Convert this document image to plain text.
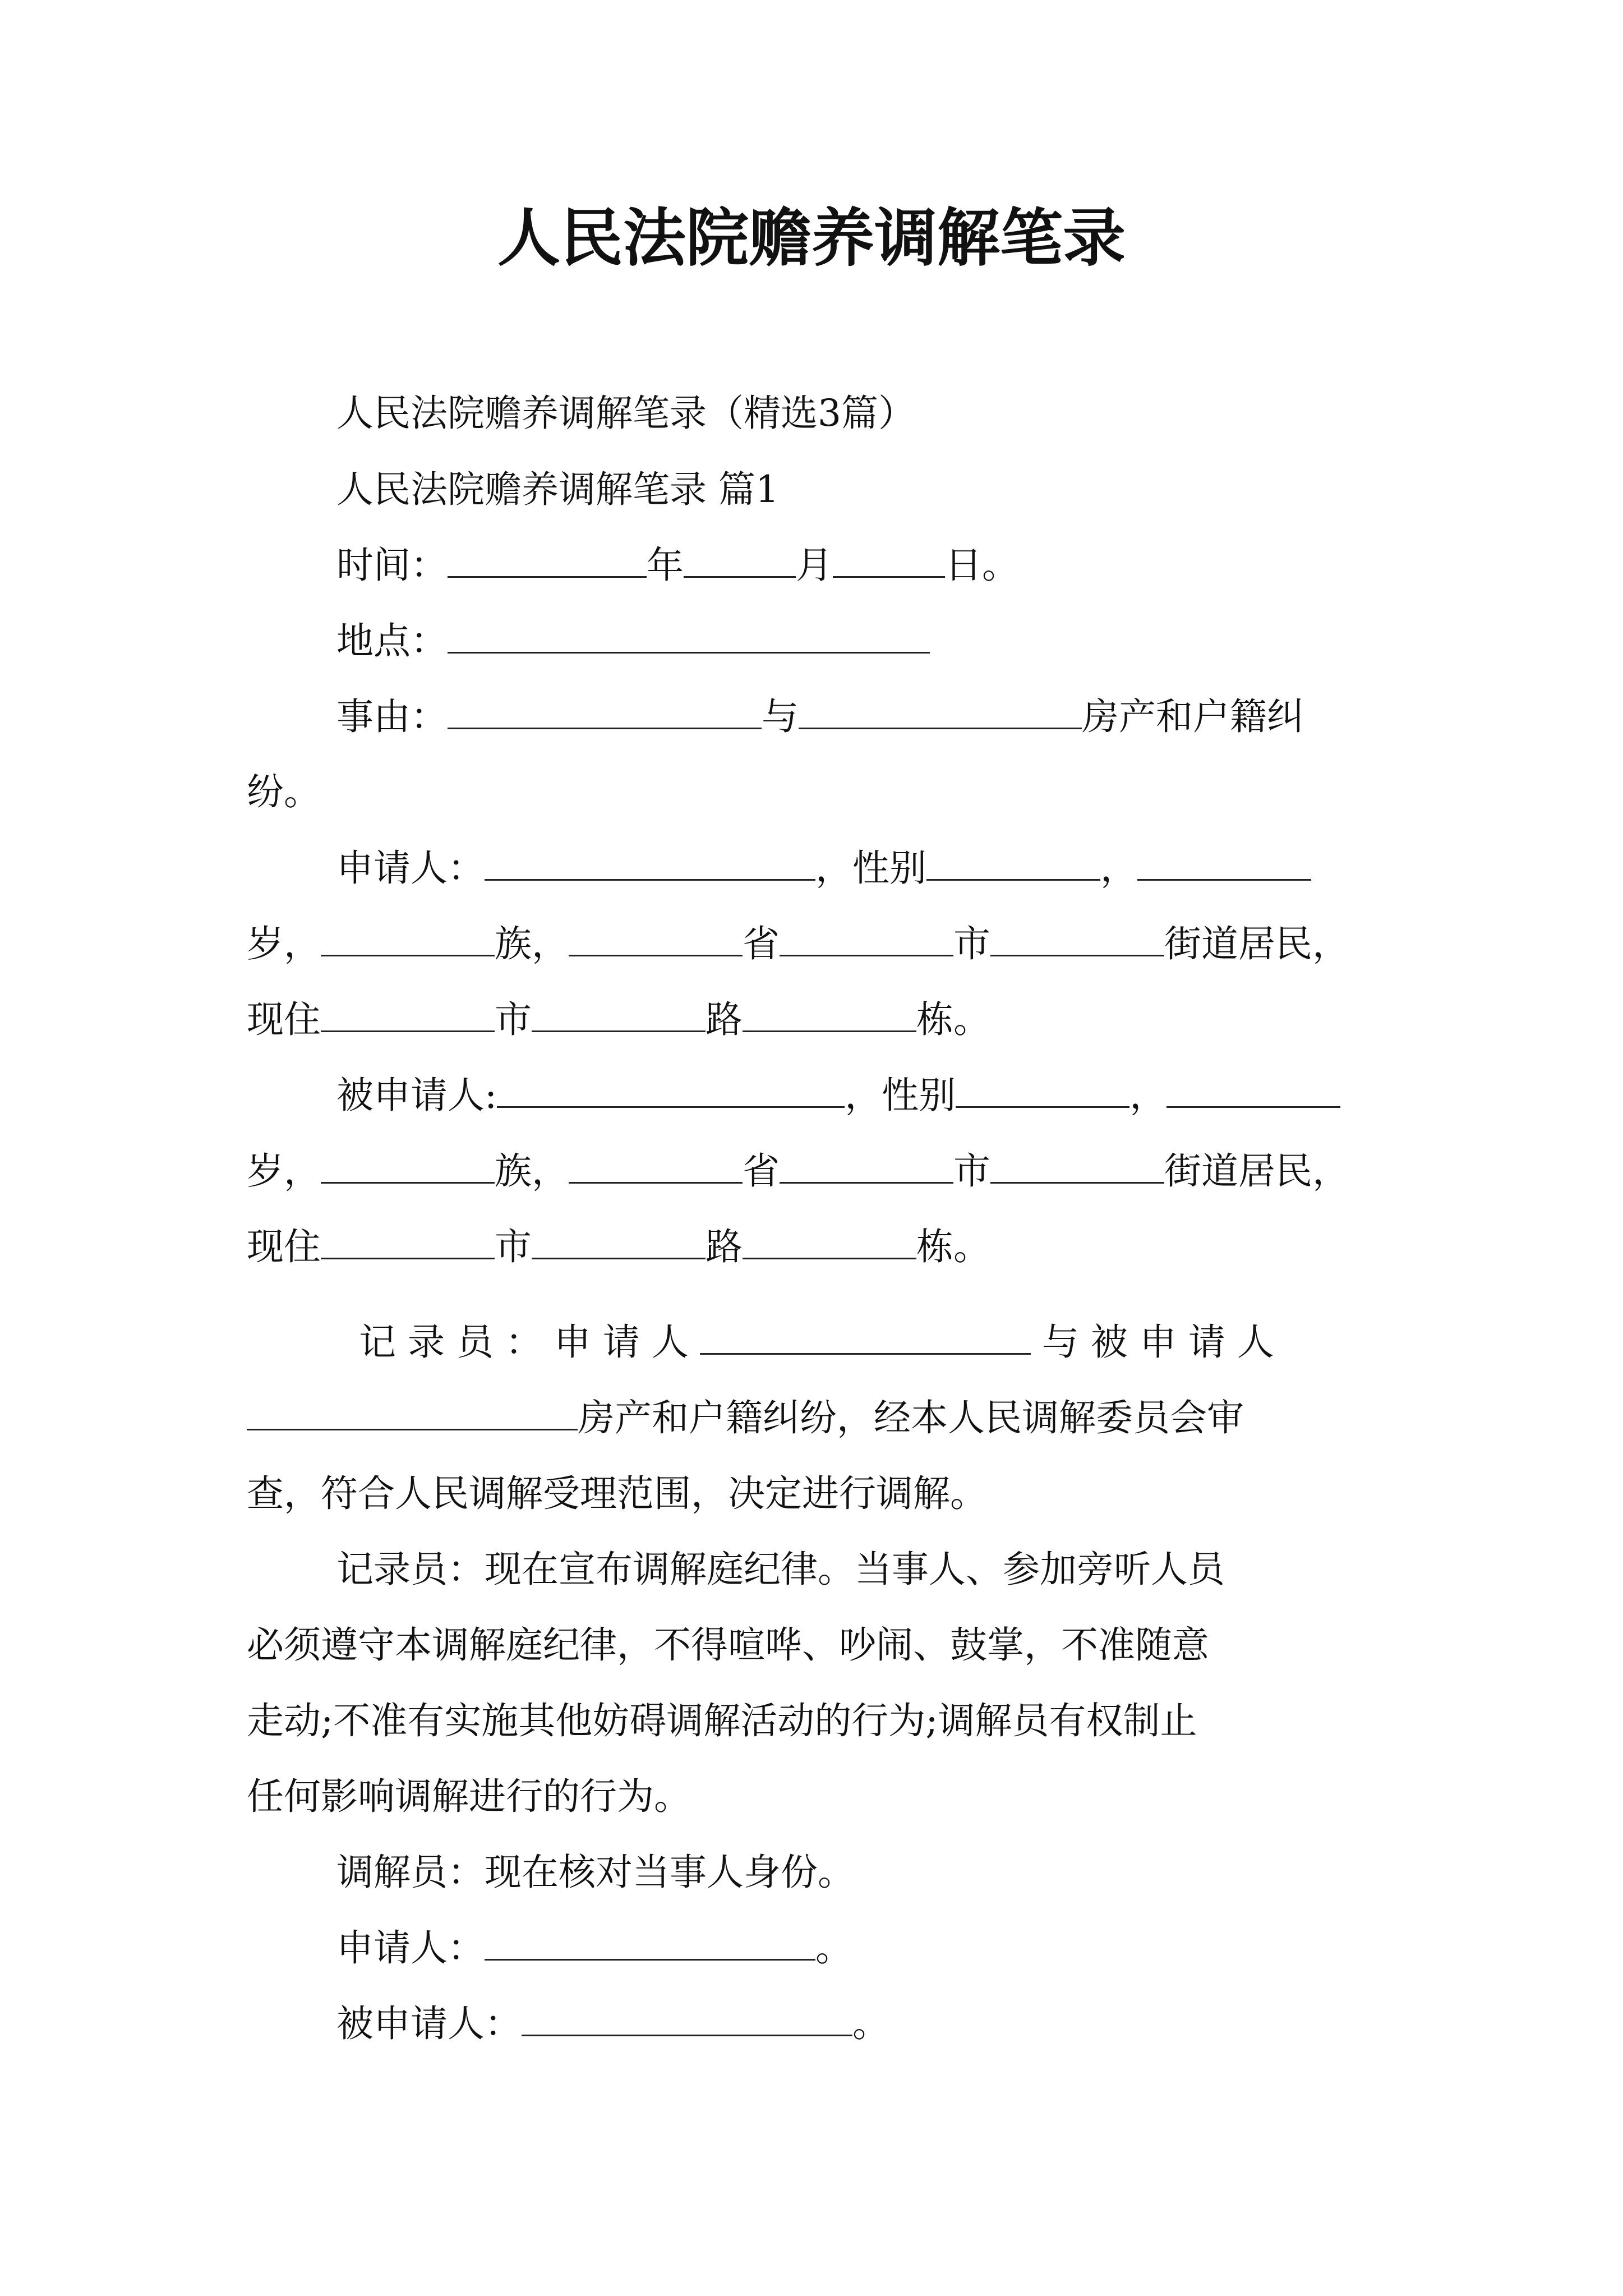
人民法院赡养调解笔录
人民法院赡养调解笔录（精选3篇）
人民法院赡养调解笔录 篇1
时间：	年	月	日。
地点：
事由：	与	房产和户籍纠
纷。
申请人：	，性别	，
岁，	族，	省	市	街道居民，
现住	市	路	栋。
被申请人:	，性别	，
岁，	族，	省	市	街道居民，
现住	市	路	栋。
记 录 员 ： 申 请 人	与 被 申 请 人
房产和户籍纠纷，经本人民调解委员会审
查，符合人民调解受理范围，决定进行调解。
记录员：现在宣布调解庭纪律。当事人、参加旁听人员
必须遵守本调解庭纪律，不得喧哗、吵闹、鼓掌，不准随意
走动;不准有实施其他妨碍调解活动的行为;调解员有权制止
任何影响调解进行的行为。
调解员：现在核对当事人身份。
申请人：	。
被申请人：	。
